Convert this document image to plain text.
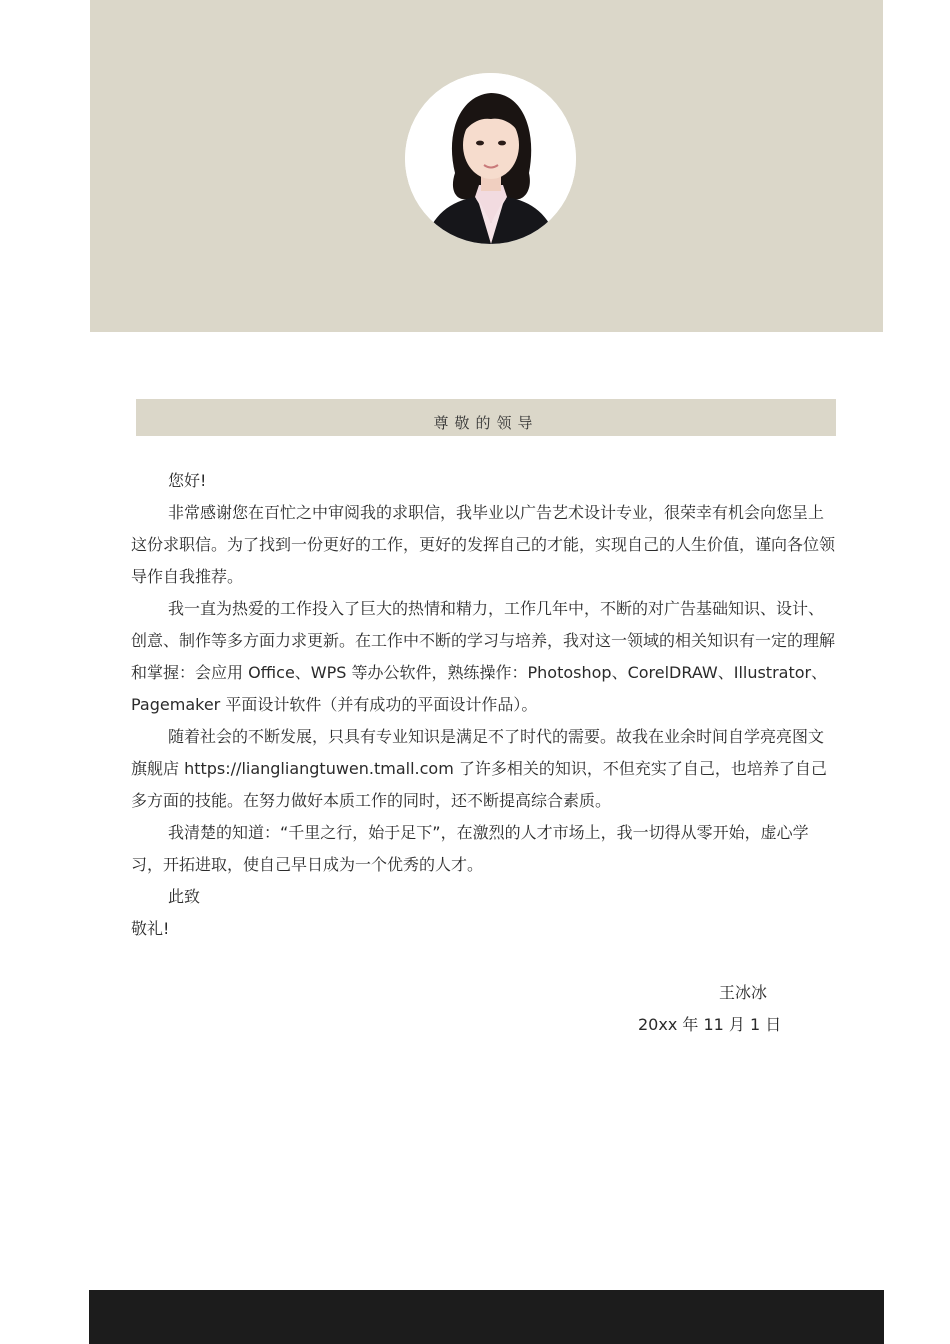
尊敬的领导

您好!

非常感谢您在百忙之中审阅我的求职信，我毕业以广告艺术设计专业，很荣幸有机会向您呈上这份求职信。为了找到一份更好的工作，更好的发挥自己的才能，实现自己的人生价值，谨向各位领导作自我推荐。

我一直为热爱的工作投入了巨大的热情和精力，工作几年中，不断的对广告基础知识、设计、创意、制作等多方面力求更新。在工作中不断的学习与培养，我对这一领域的相关知识有一定的理解和掌握：会应用 Office、WPS 等办公软件，熟练操作：Photoshop、CorelDRAW、Illustrator、Pagemaker 平面设计软件（并有成功的平面设计作品）。

随着社会的不断发展，只具有专业知识是满足不了时代的需要。故我在业余时间自学亮亮图文旗舰店 https://liangliangtuwen.tmall.com 了许多相关的知识，不但充实了自己，也培养了自己多方面的技能。在努力做好本质工作的同时，还不断提高综合素质。

我清楚的知道：“千里之行，始于足下”，在激烈的人才市场上，我一切得从零开始，虚心学习，开拓进取，使自己早日成为一个优秀的人才。

此致

敬礼!

王冰冰
20xx 年 11 月 1 日
